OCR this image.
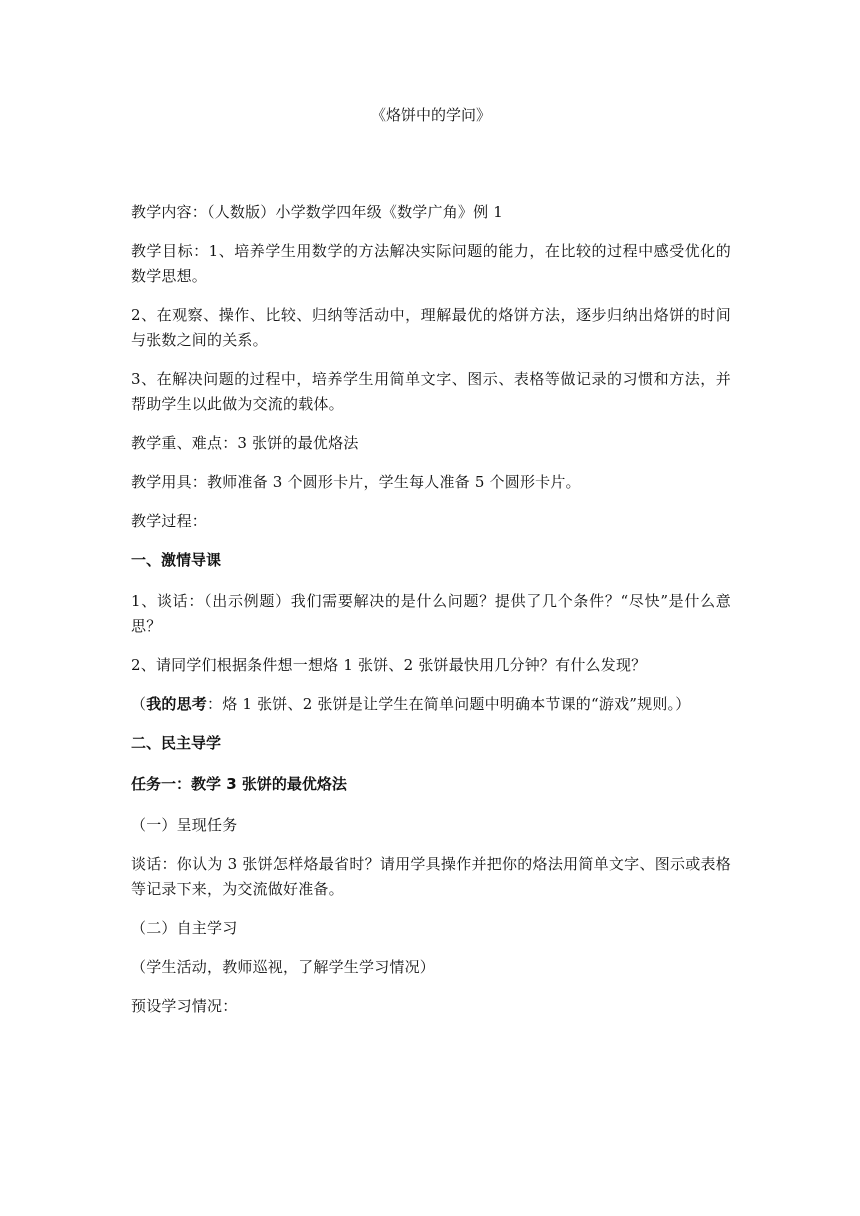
《烙饼中的学问》
教学内容：（人数版）小学数学四年级《数学广角》例 1
教学目标：1、培养学生用数学的方法解决实际问题的能力，在比较的过程中感受优化的数学思想。
2、在观察、操作、比较、归纳等活动中，理解最优的烙饼方法，逐步归纳出烙饼的时间与张数之间的关系。
3、在解决问题的过程中，培养学生用简单文字、图示、表格等做记录的习惯和方法，并帮助学生以此做为交流的载体。
教学重、难点：3 张饼的最优烙法
教学用具：教师准备 3 个圆形卡片，学生每人准备 5 个圆形卡片。
教学过程：
一、激情导课
1、谈话：（出示例题）我们需要解决的是什么问题？提供了几个条件？“尽快”是什么意思？
2、请同学们根据条件想一想烙 1 张饼、2 张饼最快用几分钟？有什么发现？
（我的思考：烙 1 张饼、2 张饼是让学生在简单问题中明确本节课的“游戏”规则。）
二、民主导学
任务一：教学 3 张饼的最优烙法
（一）呈现任务
谈话：你认为 3 张饼怎样烙最省时？请用学具操作并把你的烙法用简单文字、图示或表格等记录下来，为交流做好准备。
（二）自主学习
（学生活动，教师巡视，了解学生学习情况）
预设学习情况：
